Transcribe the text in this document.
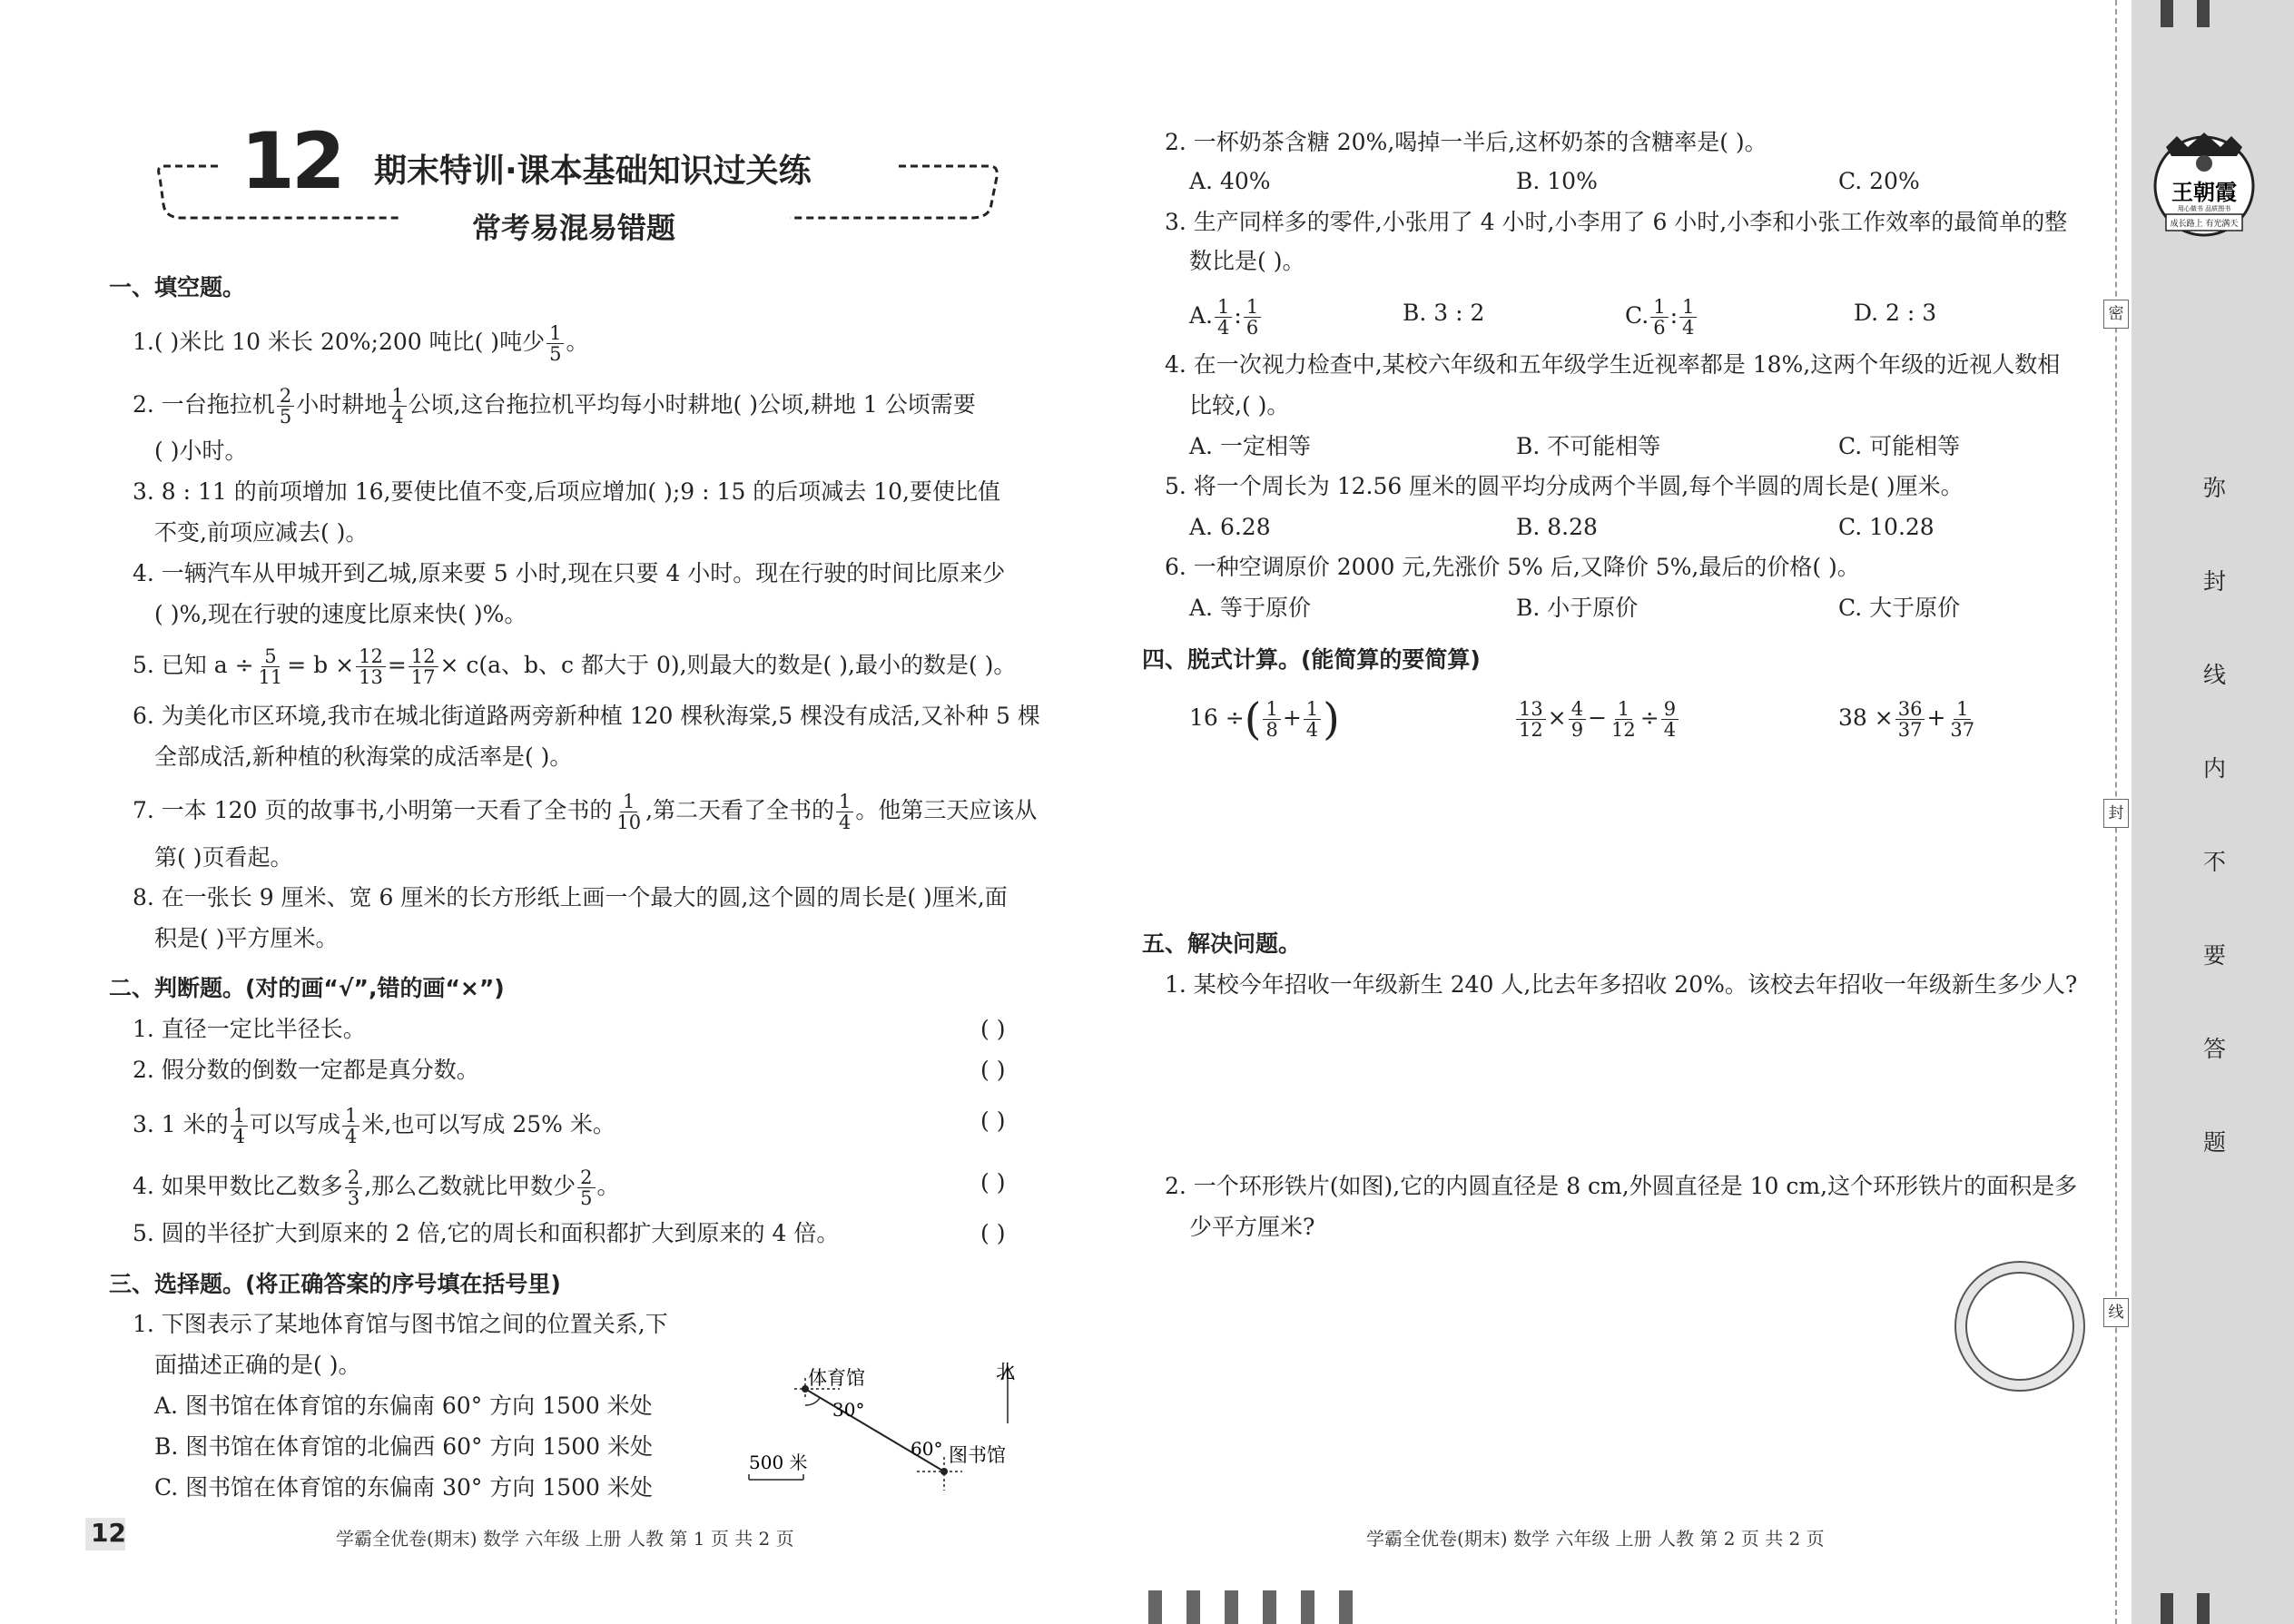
12 期末特训·课本基础知识过关练
常考易混易错题
一、填空题。
1.( )米比 10 米长 20%;200 吨比( )吨少 $\frac{1}{5}$ 。
2. 一台拖拉机 $\frac{2}{5}$ 小时耕地 $\frac{1}{4}$ 公顷,这台拖拉机平均每小时耕地( )公顷,耕地 1 公顷需要
( )小时。
3. 8 : 11 的前项增加 16,要使比值不变,后项应增加( );9 : 15 的后项减去 10,要使比值
不变,前项应减去( )。
4. 一辆汽车从甲城开到乙城,原来要 5 小时,现在只要 4 小时。现在行驶的时间比原来少
( )%,现在行驶的速度比原来快( )%。
5. 已知 $a \div \frac{5}{11} = b \times \frac{12}{13} = \frac{12}{17} \times c(a$、b、c 都大于 0),则最大的数是( ),最小的数是( )。
6. 为美化市区环境,我市在城北街道路两旁新种植 120 棵秋海棠,5 棵没有成活,又补种 5 棵
全部成活,新种植的秋海棠的成活率是( )。
7. 一本 120 页的故事书,小明第一天看了全书的 $\frac{1}{10}$ ,第二天看了全书的 $\frac{1}{4}$ 。他第三天应该从
第( )页看起。
8. 在一张长 9 厘米、宽 6 厘米的长方形纸上画一个最大的圆,这个圆的周长是( )厘米,面
积是( )平方厘米。
二、判断题。(对的画“√”,错的画“×”)
1. 直径一定比半径长。	( )
2. 假分数的倒数一定都是真分数。	( )
3. 1 米的 $\frac{1}{4}$ 可以写成 $\frac{1}{4}$ 米,也可以写成 25% 米。	( )
4. 如果甲数比乙数多 $\frac{2}{3}$ ,那么乙数就比甲数少 $\frac{2}{5}$ 。	( )
5. 圆的半径扩大到原来的 2 倍,它的周长和面积都扩大到原来的 4 倍。	( )
三、选择题。(将正确答案的序号填在括号里)
1. 下图表示了某地体育馆与图书馆之间的位置关系,下
面描述正确的是( )。
A. 图书馆在体育馆的东偏南 60° 方向 1500 米处
B. 图书馆在体育馆的北偏西 60° 方向 1500 米处
C. 图书馆在体育馆的东偏南 30° 方向 1500 米处
体育馆
30°
60° 图书馆
北
500 米
2. 一杯奶茶含糖 20%,喝掉一半后,这杯奶茶的含糖率是( )。
A. 40%	B. 10%	C. 20%
3. 生产同样多的零件,小张用了 4 小时,小李用了 6 小时,小李和小张工作效率的最简单的整
数比是( )。
A. $\frac{1}{4}$ : $\frac{1}{6}$	B. 3 : 2	C. $\frac{1}{6}$ : $\frac{1}{4}$	D. 2 : 3
4. 在一次视力检查中,某校六年级和五年级学生近视率都是 18%,这两个年级的近视人数相
比较,( )。
A. 一定相等	B. 不可能相等	C. 可能相等
5. 将一个周长为 12.56 厘米的圆平均分成两个半圆,每个半圆的周长是( )厘米。
A. 6.28	B. 8.28	C. 10.28
6. 一种空调原价 2000 元,先涨价 5% 后,又降价 5%,最后的价格( )。
A. 等于原价	B. 小于原价	C. 大于原价
四、脱式计算。(能简算的要简算)
16 ÷( $\frac{1}{8} + \frac{1}{4}$ )	$\frac{13}{12} \times \frac{4}{9} - \frac{1}{12} \div \frac{9}{4}$	$38 \times \frac{36}{37} + \frac{1}{37}$
五、解决问题。
1. 某校今年招收一年级新生 240 人,比去年多招收 20%。该校去年招收一年级新生多少人?
2. 一个环形铁片(如图),它的内圆直径是 8 cm,外圆直径是 10 cm,这个环形铁片的面积是多
少平方厘米?
12	学霸全优卷(期末) 数学 六年级 上册 人教 第 1 页 共 2 页	学霸全优卷(期末) 数学 六年级 上册 人教 第 2 页 共 2 页
王朝霞
用心做书 品质图书
成长路上 有光满天
密
封
线
弥
封
线
内
不
要
答
题
